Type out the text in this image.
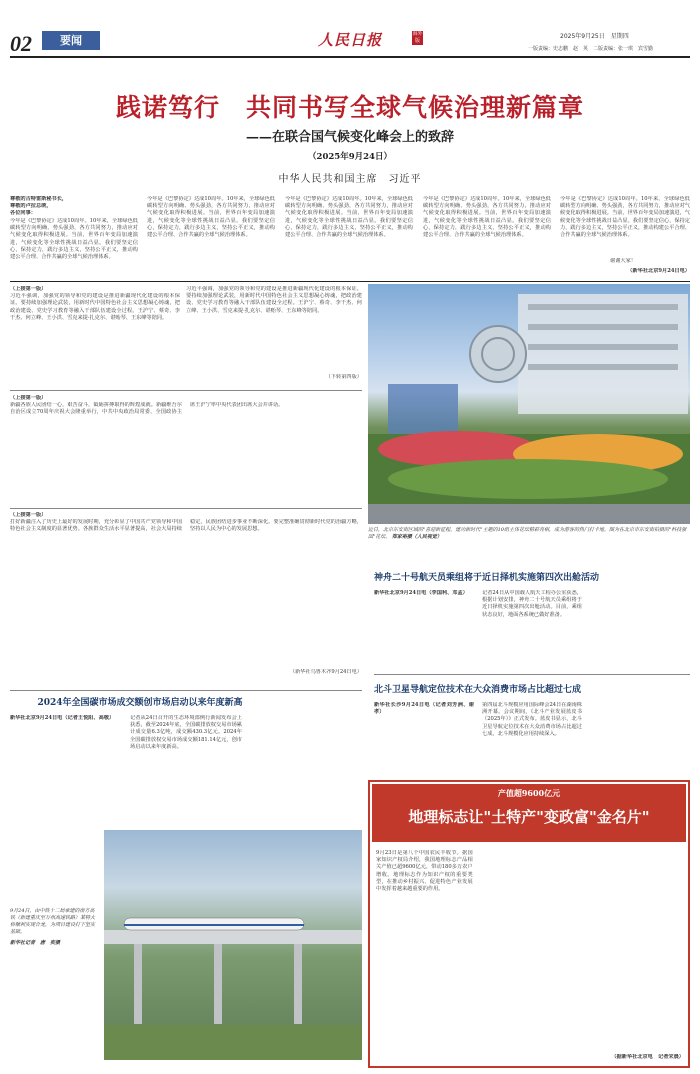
02	要闻	人民日报	海外版
2025年9月25日　星期四
一版责编：史志鹏　赵　英　二版责编：张一琪　宾雪勤
践诺笃行　共同书写全球气候治理新篇章
——在联合国气候变化峰会上的致辞
（2025年9月24日）
中华人民共和国主席　习近平
尊敬的古特雷斯秘书长，
尊敬的卢拉总统，
各位同事：
今年是《巴黎协定》达成10周年。10年来，全球绿色低碳转型方向明确、势头强劲，各方共同努力，推动应对气候变化取得积极进展。当前，世界百年变局加速演进，气候变化等全球性挑战日益凸显。我们要坚定信心，保持定力，践行多边主义，坚持公平正义，推动构建公平合理、合作共赢的全球气候治理体系。
今年是《巴黎协定》达成10周年。10年来，全球绿色低碳转型方向明确、势头强劲，各方共同努力，推动应对气候变化取得积极进展。当前，世界百年变局加速演进，气候变化等全球性挑战日益凸显。我们要坚定信心，保持定力，践行多边主义，坚持公平正义，推动构建公平合理、合作共赢的全球气候治理体系。
今年是《巴黎协定》达成10周年。10年来，全球绿色低碳转型方向明确、势头强劲，各方共同努力，推动应对气候变化取得积极进展。当前，世界百年变局加速演进，气候变化等全球性挑战日益凸显。我们要坚定信心，保持定力，践行多边主义，坚持公平正义，推动构建公平合理、合作共赢的全球气候治理体系。
今年是《巴黎协定》达成10周年。10年来，全球绿色低碳转型方向明确、势头强劲，各方共同努力，推动应对气候变化取得积极进展。当前，世界百年变局加速演进，气候变化等全球性挑战日益凸显。我们要坚定信心，保持定力，践行多边主义，坚持公平正义，推动构建公平合理、合作共赢的全球气候治理体系。
今年是《巴黎协定》达成10周年。10年来，全球绿色低碳转型方向明确、势头强劲，各方共同努力，推动应对气候变化取得积极进展。当前，世界百年变局加速演进，气候变化等全球性挑战日益凸显。我们要坚定信心，保持定力，践行多边主义，坚持公平正义，推动构建公平合理、合作共赢的全球气候治理体系。
谢谢大家！
（新华社北京9月24日电）
（上接第一版）
习近平强调，加强党的领导和党的建设是推进新疆现代化建设的根本保证。要持续加强理论武装，用新时代中国特色社会主义思想凝心铸魂，把政治建设、党史学习教育等融入干部队伍建设全过程。王沪宁、蔡奇、李干杰、何立峰、王小洪、雪克来提·扎克尔、谌贻琴、王东峰等陪同。
习近平强调，加强党的领导和党的建设是推进新疆现代化建设的根本保证。要持续加强理论武装，用新时代中国特色社会主义思想凝心铸魂，把政治建设、党史学习教育等融入干部队伍建设全过程。王沪宁、蔡奇、李干杰、何立峰、王小洪、雪克来提·扎克尔、谌贻琴、王东峰等陪同。
（下转第四版）
近日，北京东安街区域的"喜迎新征程，建功新时代"主题的10组主体花坛精彩亮相，成为游客的热门打卡地。图为在北京市东安街拍摄的"科技强国"花坛。 郑家裕摄（人民视觉）
（上接第一版）
新疆各族人民团结一心，艰苦奋斗，砥砺拼搏取得的辉煌成就。新疆维吾尔自治区成立70周年庆祝大会隆重举行，中共中央政治局常委、全国政协主席王沪宁率中央代表团出席大会并讲话。
（上接第一版）
打好新疆注入了历史上最好的发展时期，充分彰显了中国共产党领导和中国特色社会主义制度的显著优势。各族群众生活水平显著提高，社会大局持续稳定，民族团结进步事业不断深化。要完整准确贯彻新时代党的治疆方略，坚持以人民为中心的发展思想。
（新华社乌鲁木齐9月24日电）
神舟二十号航天员乘组将于近日择机实施第四次出舱活动
新华社北京9月24日电（李国利、邓孟）	记者24日从中国载人航天工程办公室获悉，根据计划安排，神舟二十号航天员乘组将于近日择机实施第四次出舱活动。目前，乘组状态良好，地面各系统已做好准备。
北斗卫星导航定位技术在大众消费市场占比超过七成
新华社长沙9月24日电（记者刘芳洲、谢孝）
第四届北斗规模应用国际峰会24日在湖南株洲开幕。会议期间，《北斗产业发展蓝皮书（2025年）》正式发布。蓝皮书显示，北斗卫星导航定位技术在大众消费市场占比超过七成，北斗规模化应用持续深入。
2024年全国碳市场成交额创市场启动以来年度新高
新华社北京9月24日电（记者王悦阳、高敬）	记者从24日召开的生态环境部例行新闻发布会上获悉，截至2024年底，全国碳排放权交易市场累计成交量6.3亿吨，成交额430.3亿元。2024年全国碳排放权交易市场成交额181.14亿元，创市场启动以来年度新高。
9月24日，由中铁十二局承建的南方高铁（新建重庆至万州高速铁路）某特大桥顺利实现合龙，为项目建设打下坚实基础。
新华社记者　唐　奕摄
产值超9600亿元
地理标志让"土特产"变政富"金名片"
9月23日是第八个中国农民丰收节。据国家知识产权局介绍，我国地理标志产品相关产值已超9600亿元，带动180多万农户增收。地理标志作为知识产权的重要类型，在推动乡村振兴、促进特色产业发展中发挥着越来越重要的作用。
（据新华社北京电　记者宋晨）
